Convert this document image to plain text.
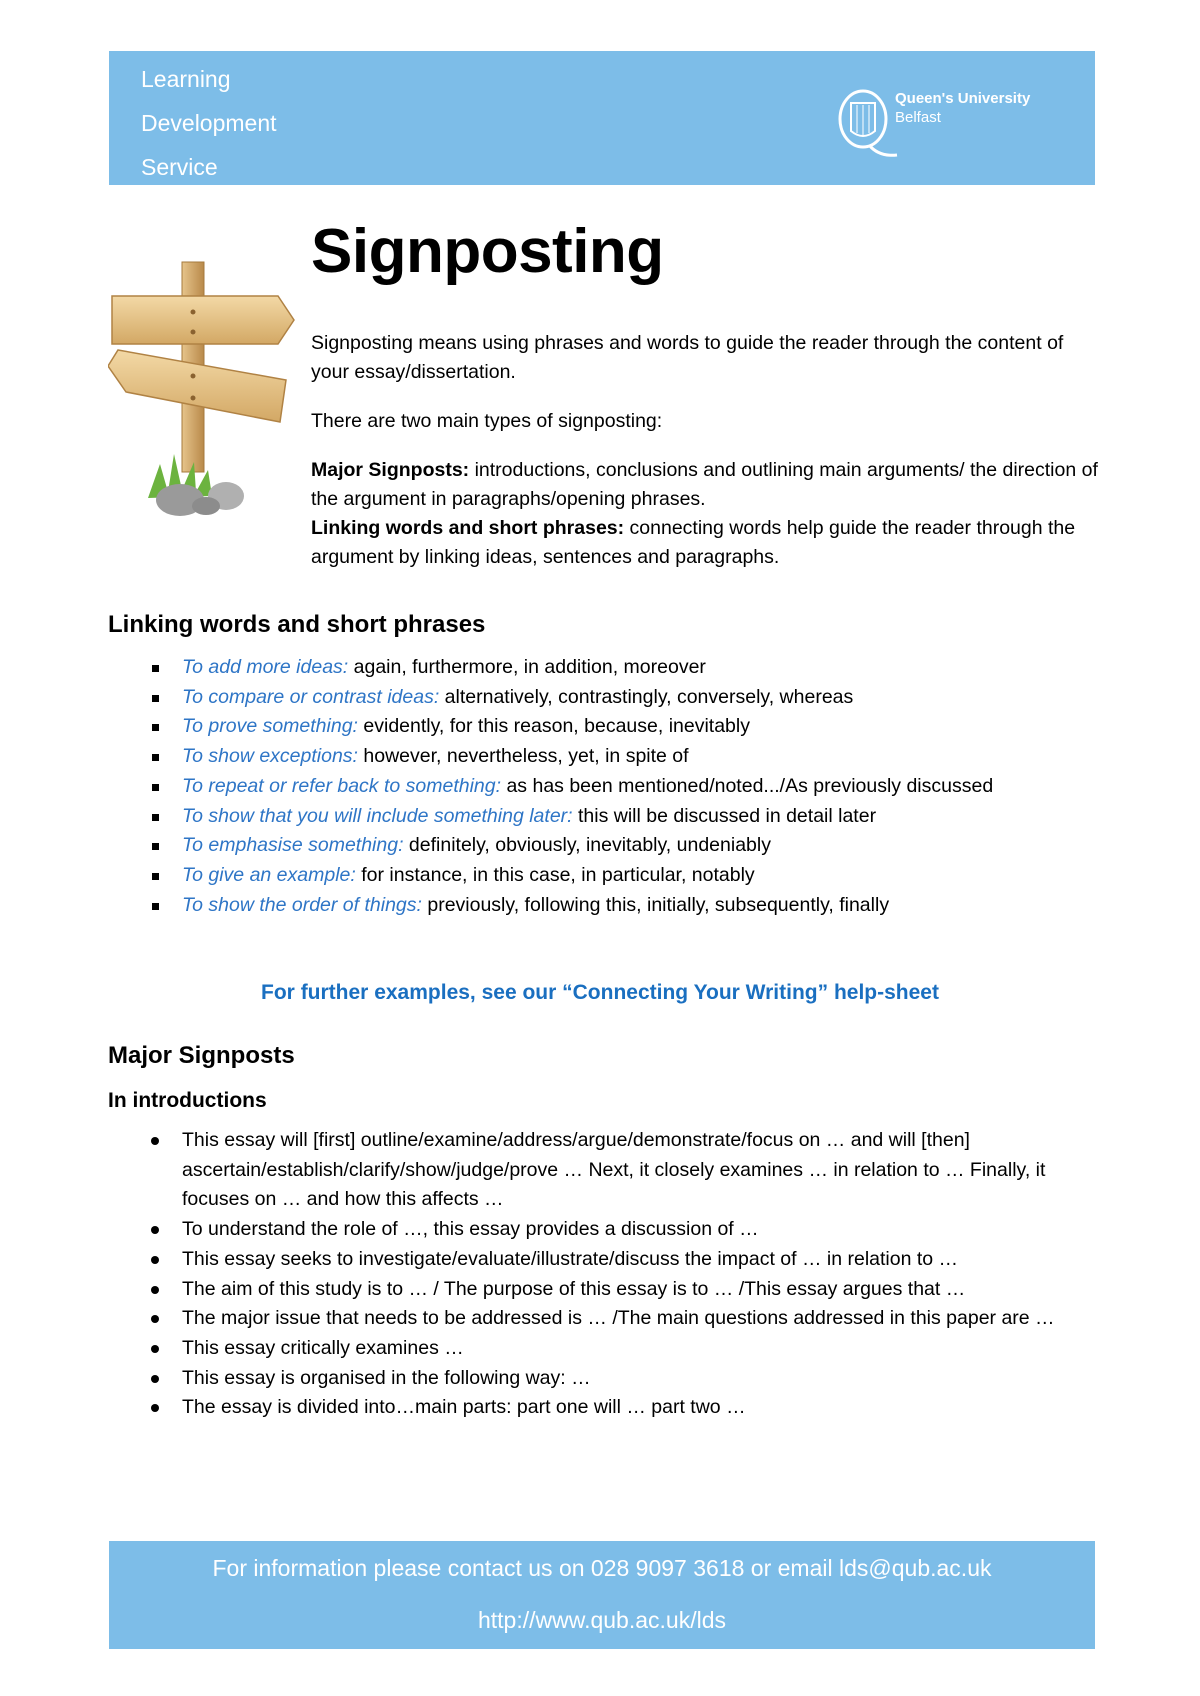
Learning
Development
Service
Queen's University
Belfast
Signposting

Signposting means using phrases and words to guide the reader through the content of your essay/dissertation.

There are two main types of signposting:

Major Signposts: introductions, conclusions and outlining main arguments/ the direction of the argument in paragraphs/opening phrases.

Linking words and short phrases: connecting words help guide the reader through the argument by linking ideas, sentences and paragraphs.

Linking words and short phrases
To add more ideas: again, furthermore, in addition, moreover
To compare or contrast ideas: alternatively, contrastingly, conversely, whereas
To prove something: evidently, for this reason, because, inevitably
To show exceptions: however, nevertheless, yet, in spite of
To repeat or refer back to something: as has been mentioned/noted.../As previously discussed
To show that you will include something later: this will be discussed in detail later
To emphasise something: definitely, obviously, inevitably, undeniably
To give an example: for instance, in this case, in particular, notably
To show the order of things: previously, following this, initially, subsequently, finally
For further examples, see our “Connecting Your Writing” help-sheet
Major Signposts
In introductions
This essay will [first] outline/examine/address/argue/demonstrate/focus on … and will [then] ascertain/establish/clarify/show/judge/prove … Next, it closely examines … in relation to … Finally, it focuses on … and how this affects …
To understand the role of …, this essay provides a discussion of …
This essay seeks to investigate/evaluate/illustrate/discuss the impact of … in relation to …
The aim of this study is to … / The purpose of this essay is to … /This essay argues that …
The major issue that needs to be addressed is … /The main questions addressed in this paper are …
This essay critically examines …
This essay is organised in the following way: …
The essay is divided into…main parts: part one will … part two …
For information please contact us on 028 9097 3618 or email lds@qub.ac.uk
http://www.qub.ac.uk/lds
